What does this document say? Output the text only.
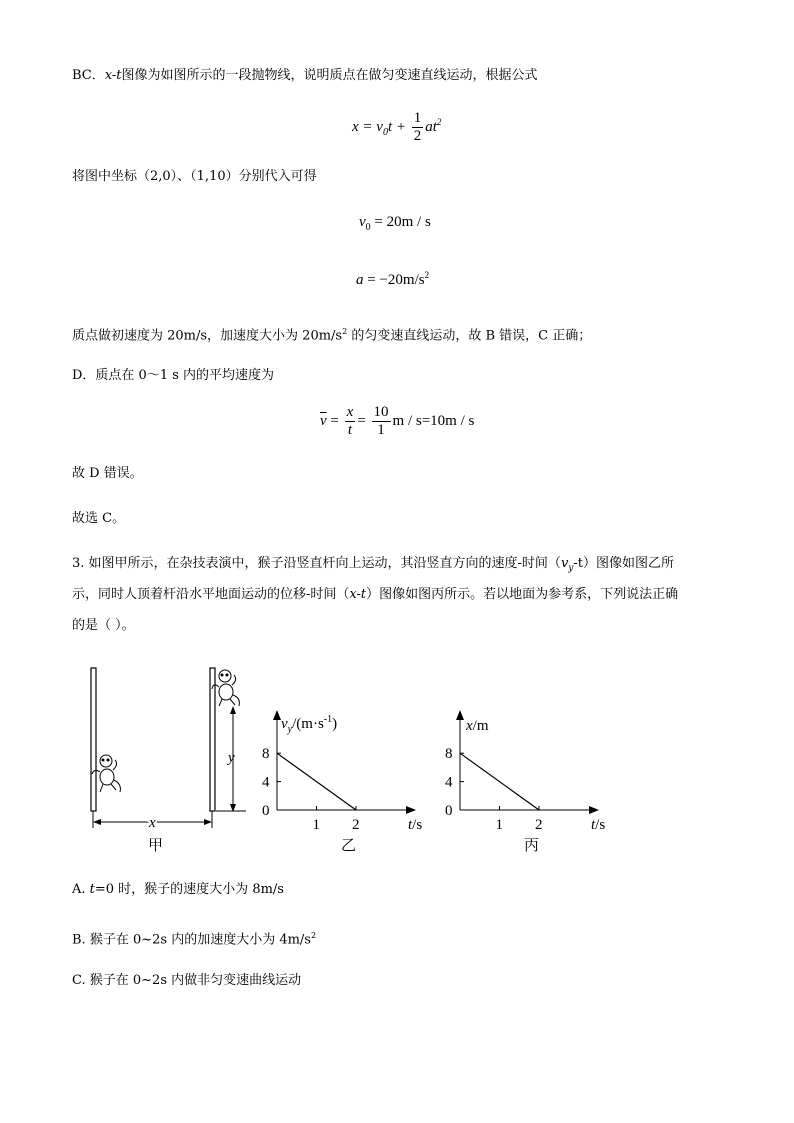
BC．x-t图像为如图所示的一段抛物线，说明质点在做匀变速直线运动，根据公式
$x = v_0t + \frac{1}{2} at^2$
将图中坐标（2,0）、（1,10）分别代入可得
$v_0 = 20m / s$
$a = -20m/s^2$
质点做初速度为 20m/s，加速度大小为 $20m/s^2$ 的匀变速直线运动，故 B 错误，C 正确；
D．质点在 0～1 s 内的平均速度为
$\overline{v} = \frac{x}{t} = \frac{10}{1}$ m / s=10m / s
故 D 错误。
故选 C。
3. 如图甲所示，在杂技表演中，猴子沿竖直杆向上运动，其沿竖直方向的速度-时间$(v_y-t)$图像如图乙所
示，同时人顶着杆沿水平地面运动的位移-时间（x-t）图像如图丙所示。若以地面为参考系，下列说法正确
的是（ ）。
y
x
甲
$v_y/(m\cdot s^{-1})$
t/s
0
4
8
1 2
乙
x/m
t/s
0
4
8
1 2
丙
A. t=0 时，猴子的速度大小为 8m/s
B. 猴子在 0~2s 内的加速度大小为 $4m/s^2$
C. 猴子在 0~2s 内做非匀变速曲线运动
